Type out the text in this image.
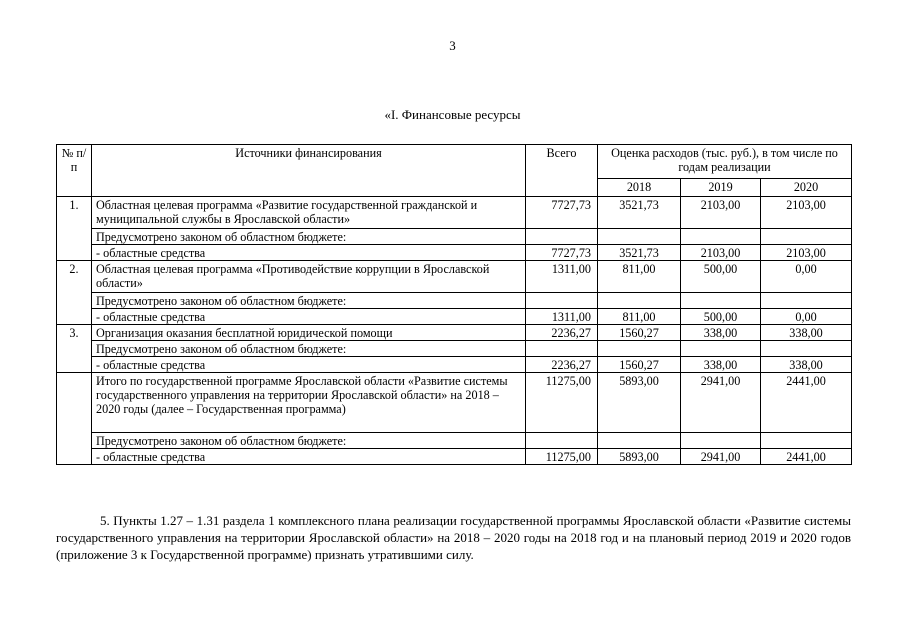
3
«I. Финансовые ресурсы
№ п/п	Источники финансирования	Всего	Оценка расходов (тыс. руб.), в том числе по годам реализации		
			2018	2019	2020
1.	Областная целевая программа «Развитие государственной гражданской и муниципальной службы в Ярославской области»	7727,73	3521,73	2103,00	2103,00
	Предусмотрено законом об областном бюджете:				
	- областные средства	7727,73	3521,73	2103,00	2103,00
2.	Областная целевая программа «Противодействие коррупции в Ярославской области»	1311,00	811,00	500,00	0,00
	Предусмотрено законом об областном бюджете:				
	- областные средства	1311,00	811,00	500,00	0,00
3.	Организация оказания бесплатной юридической помощи	2236,27	1560,27	338,00	338,00
	Предусмотрено законом об областном бюджете:				
	- областные средства	2236,27	1560,27	338,00	338,00
	Итого по государственной программе Ярославской области «Развитие системы государственного управления на территории Ярославской области» на 2018 – 2020 годы (далее – Государственная программа)	11275,00	5893,00	2941,00	2441,00
	Предусмотрено законом об областном бюджете:				
	- областные средства	11275,00	5893,00	2941,00	2441,00
5. Пункты 1.27 – 1.31 раздела 1 комплексного плана реализации государственной программы Ярославской области «Развитие системы государственного управления на территории Ярославской области» на 2018 – 2020 годы на 2018 год и на плановый период 2019 и 2020 годов (приложение 3 к Государственной программе) признать утратившими силу.
